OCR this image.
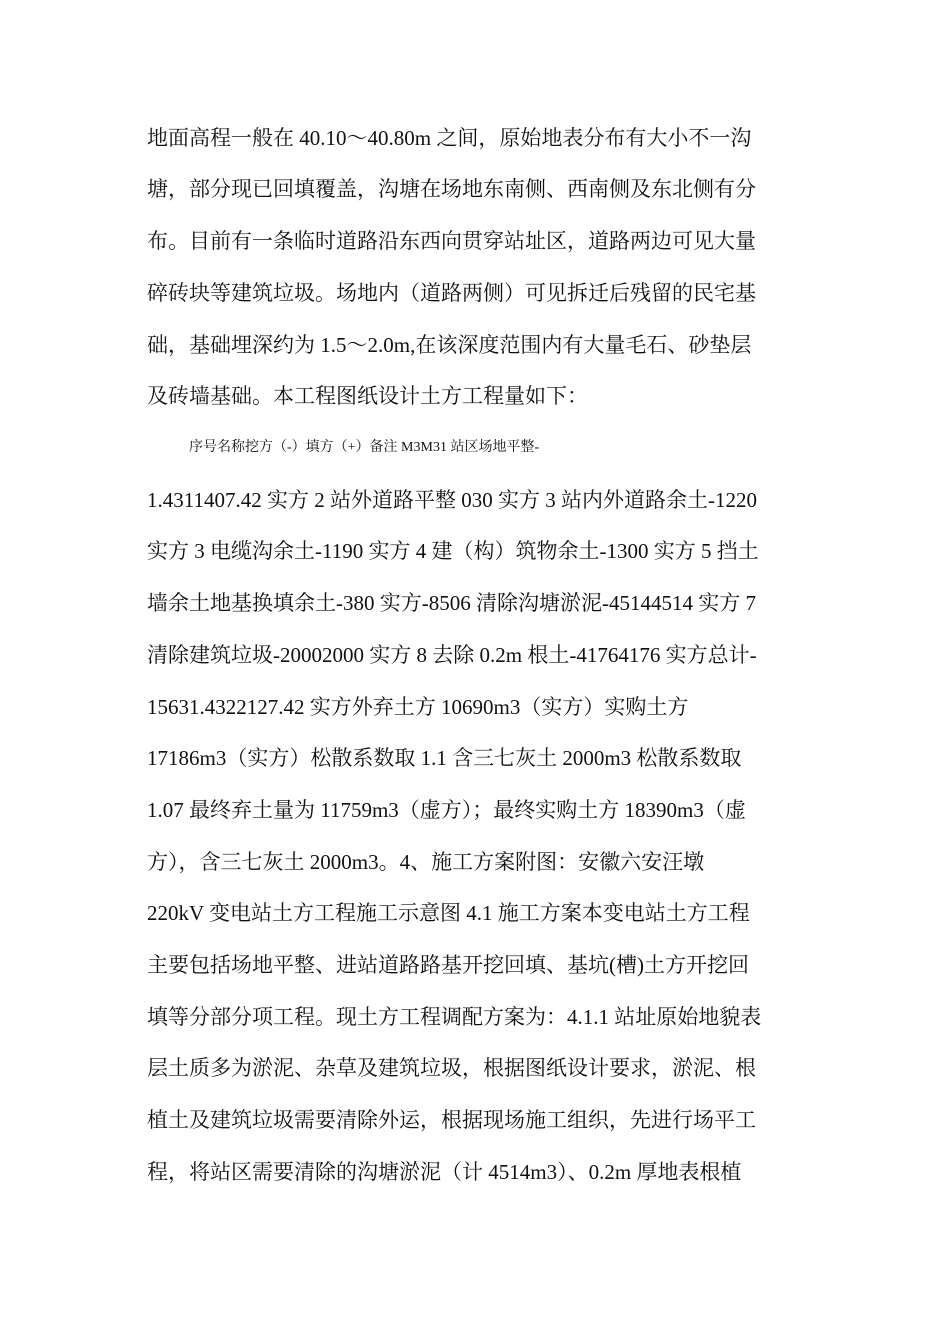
地面高程一般在 40.10～40.80m 之间，原始地表分布有大小不一沟
塘，部分现已回填覆盖，沟塘在场地东南侧、西南侧及东北侧有分
布。目前有一条临时道路沿东西向贯穿站址区，道路两边可见大量
碎砖块等建筑垃圾。场地内（道路两侧）可见拆迁后残留的民宅基
础，基础埋深约为 1.5～2.0m,在该深度范围内有大量毛石、砂垫层
及砖墙基础。本工程图纸设计土方工程量如下：
序号名称挖方（-）填方（+）备注 M3M31 站区场地平整-
1.4311407.42 实方 2 站外道路平整 030 实方 3 站内外道路余土-1220
实方 3 电缆沟余土-1190 实方 4 建（构）筑物余土-1300 实方 5 挡土
墙余土地基换填余土-380 实方-8506 清除沟塘淤泥-45144514 实方 7
清除建筑垃圾-20002000 实方 8 去除 0.2m 根土-41764176 实方总计-
15631.4322127.42 实方外弃土方 10690m3（实方）实购土方
17186m3（实方）松散系数取 1.1 含三七灰土 2000m3 松散系数取
1.07 最终弃土量为 11759m3（虚方）；最终实购土方 18390m3（虚
方），含三七灰土 2000m3。4、施工方案附图：安徽六安汪墩
220kV 变电站土方工程施工示意图 4.1 施工方案本变电站土方工程
主要包括场地平整、进站道路路基开挖回填、基坑(槽)土方开挖回
填等分部分项工程。现土方工程调配方案为：4.1.1 站址原始地貌表
层土质多为淤泥、杂草及建筑垃圾，根据图纸设计要求，淤泥、根
植土及建筑垃圾需要清除外运，根据现场施工组织，先进行场平工
程，将站区需要清除的沟塘淤泥（计 4514m3）、0.2m 厚地表根植
